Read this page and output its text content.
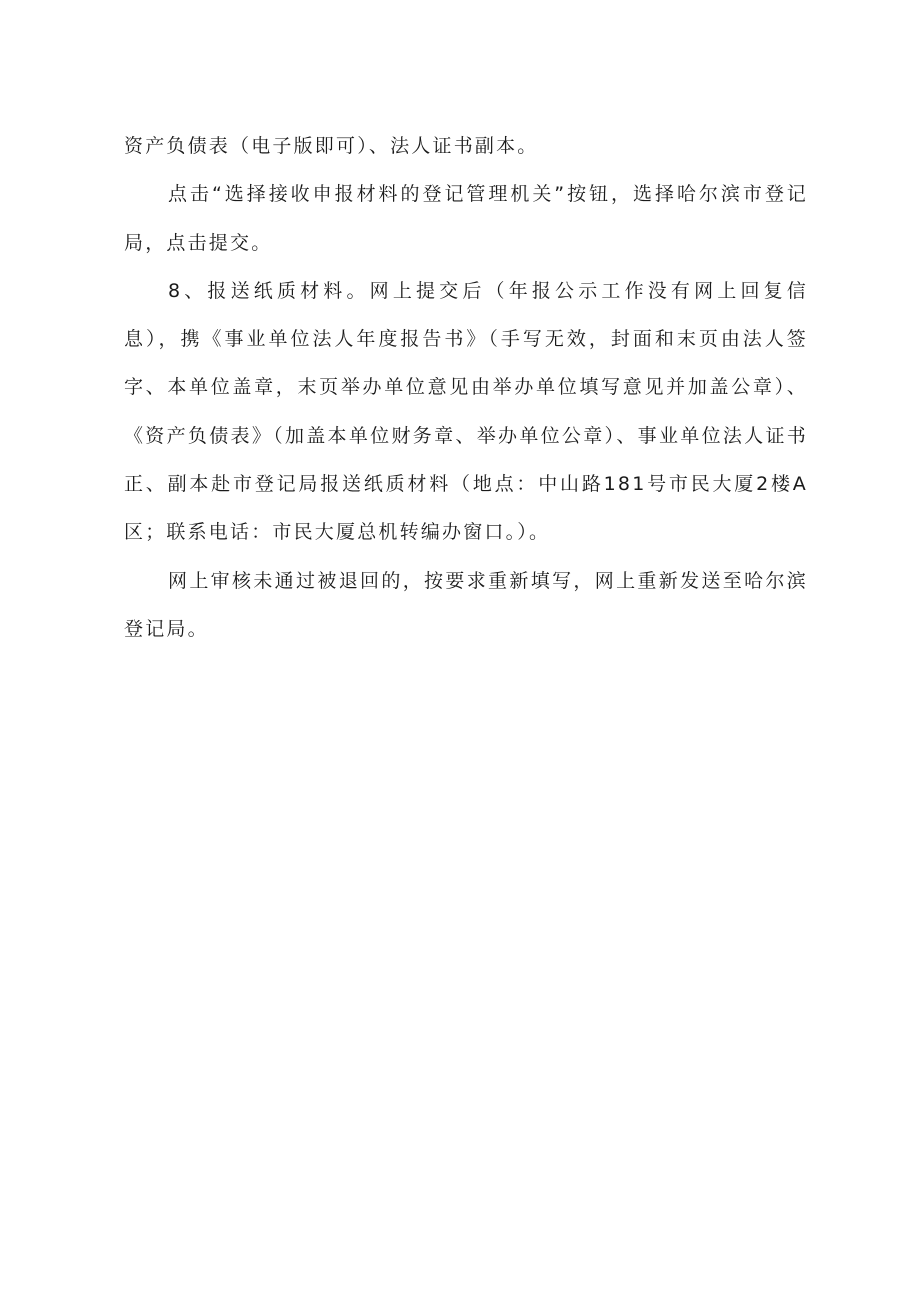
资产负债表（电子版即可）、法人证书副本。

点击“选择接收申报材料的登记管理机关”按钮，选择哈尔滨市登记局，点击提交。

8、报送纸质材料。网上提交后（年报公示工作没有网上回复信息），携《事业单位法人年度报告书》（手写无效，封面和末页由法人签字、本单位盖章，末页举办单位意见由举办单位填写意见并加盖公章）、《资产负债表》（加盖本单位财务章、举办单位公章）、事业单位法人证书正、副本赴市登记局报送纸质材料（地点：中山路181号市民大厦2楼A区；联系电话：市民大厦总机转编办窗口。）。

网上审核未通过被退回的，按要求重新填写，网上重新发送至哈尔滨登记局。
